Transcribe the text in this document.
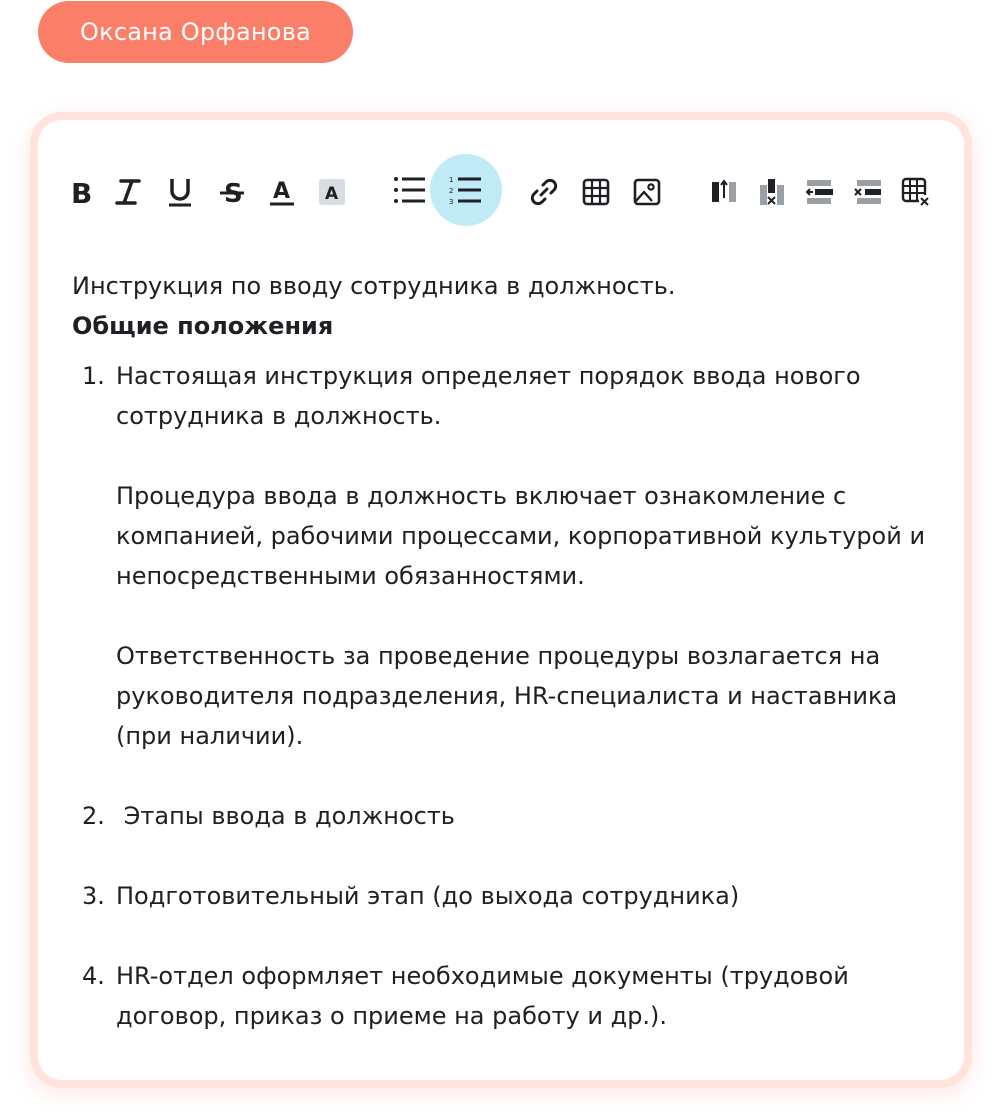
Оксана Орфанова
B	S A A
1
2
3

Инструкция по вводу сотрудника в должность.

Общие положения

1. Настоящая инструкция определяет порядок ввода нового сотрудника в должность.

Процедура ввода в должность включает ознакомление с компанией, рабочими процессами, корпоративной культурой и непосредственными обязанностями.

Ответственность за проведение процедуры возлагается на руководителя подразделения, HR-специалиста и наставника (при наличии).

2. Этапы ввода в должность

3. Подготовительный этап (до выхода сотрудника)

4. HR-отдел оформляет необходимые документы (трудовой договор, приказ о приеме на работу и др.).
